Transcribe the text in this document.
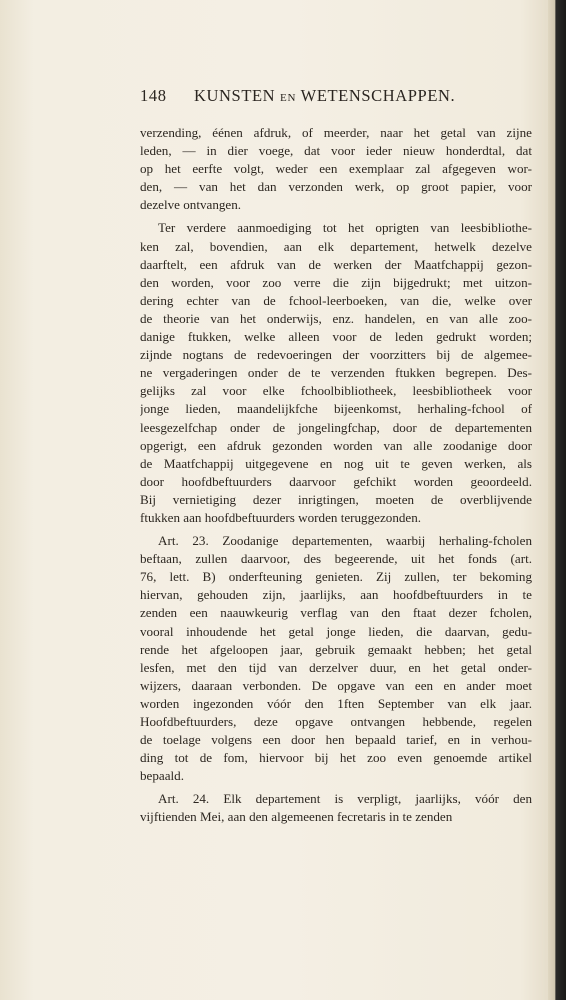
148 KUNSTEN EN WETENSCHAPPEN.
verzending, éénen afdruk, of meerder, naar het getal van zijne
leden, — in dier voege, dat voor ieder nieuw honderdtal, dat
op het eerfte volgt, weder een exemplaar zal afgegeven wor-
den, — van het dan verzonden werk, op groot papier, voor
dezelve ontvangen.
Ter verdere aanmoediging tot het oprigten van leesbibliothe-
ken zal, bovendien, aan elk departement, hetwelk dezelve
daarftelt, een afdruk van de werken der Maatfchappij gezon-
den worden, voor zoo verre die zijn bijgedrukt; met uitzon-
dering echter van de fchool-leerboeken, van die, welke over
de theorie van het onderwijs, enz. handelen, en van alle zoo-
danige ftukken, welke alleen voor de leden gedrukt worden;
zijnde nogtans de redevoeringen der voorzitters bij de algemee-
ne vergaderingen onder de te verzenden ftukken begrepen. Des-
gelijks zal voor elke fchoolbibliotheek, leesbibliotheek voor
jonge lieden, maandelijkfche bijeenkomst, herhaling-fchool of
leesgezelfchap onder de jongelingfchap, door de departementen
opgerigt, een afdruk gezonden worden van alle zoodanige door
de Maatfchappij uitgegevene en nog uit te geven werken, als
door hoofdbeftuurders daarvoor gefchikt worden geoordeeld.
Bij vernietiging dezer inrigtingen, moeten de overblijvende
ftukken aan hoofdbeftuurders worden teruggezonden.
Art. 23. Zoodanige departementen, waarbij herhaling-fcholen
beftaan, zullen daarvoor, des begeerende, uit het fonds (art.
76, lett. B) onderfteuning genieten. Zij zullen, ter bekoming
hiervan, gehouden zijn, jaarlijks, aan hoofdbeftuurders in te
zenden een naauwkeurig verflag van den ftaat dezer fcholen,
vooral inhoudende het getal jonge lieden, die daarvan, gedu-
rende het afgeloopen jaar, gebruik gemaakt hebben; het getal
lesfen, met den tijd van derzelver duur, en het getal onder-
wijzers, daaraan verbonden. De opgave van een en ander moet
worden ingezonden vóór den 1ften September van elk jaar.
Hoofdbeftuurders, deze opgave ontvangen hebbende, regelen
de toelage volgens een door hen bepaald tarief, en in verhou-
ding tot de fom, hiervoor bij het zoo even genoemde artikel
bepaald.
Art. 24. Elk departement is verpligt, jaarlijks, vóór den
vijftienden Mei, aan den algemeenen fecretaris in te zenden
